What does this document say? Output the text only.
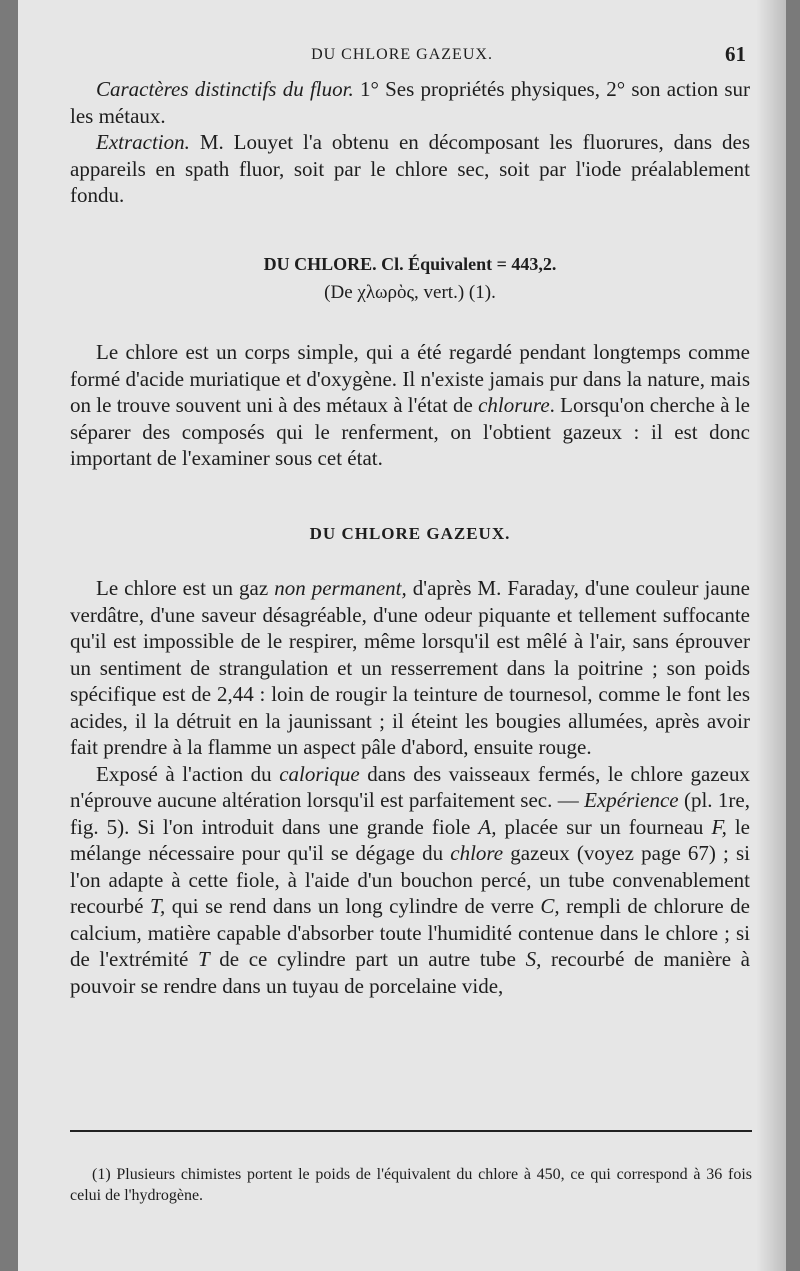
DU CHLORE GAZEUX.	61

Caractères distinctifs du fluor. 1° Ses propriétés physiques, 2° son action sur les métaux.

Extraction. M. Louyet l'a obtenu en décomposant les fluorures, dans des appareils en spath fluor, soit par le chlore sec, soit par l'iode préalablement fondu.

DU CHLORE. Cl. Équivalent = 443,2.
(De χλωρὸς, vert.) (1).

Le chlore est un corps simple, qui a été regardé pendant longtemps comme formé d'acide muriatique et d'oxygène. Il n'existe jamais pur dans la nature, mais on le trouve souvent uni à des métaux à l'état de chlorure. Lorsqu'on cherche à le séparer des composés qui le renferment, on l'obtient gazeux : il est donc important de l'examiner sous cet état.

DU CHLORE GAZEUX.

Le chlore est un gaz non permanent, d'après M. Faraday, d'une couleur jaune verdâtre, d'une saveur désagréable, d'une odeur piquante et tellement suffocante qu'il est impossible de le respirer, même lorsqu'il est mêlé à l'air, sans éprouver un sentiment de strangulation et un resserrement dans la poitrine ; son poids spécifique est de 2,44 : loin de rougir la teinture de tournesol, comme le font les acides, il la détruit en la jaunissant ; il éteint les bougies allumées, après avoir fait prendre à la flamme un aspect pâle d'abord, ensuite rouge.

Exposé à l'action du calorique dans des vaisseaux fermés, le chlore gazeux n'éprouve aucune altération lorsqu'il est parfaitement sec. — Expérience (pl. 1re, fig. 5). Si l'on introduit dans une grande fiole A, placée sur un fourneau F, le mélange nécessaire pour qu'il se dégage du chlore gazeux (voyez page 67) ; si l'on adapte à cette fiole, à l'aide d'un bouchon percé, un tube convenablement recourbé T, qui se rend dans un long cylindre de verre C, rempli de chlorure de calcium, matière capable d'absorber toute l'humidité contenue dans le chlore ; si de l'extrémité T de ce cylindre part un autre tube S, recourbé de manière à pouvoir se rendre dans un tuyau de porcelaine vide,

(1) Plusieurs chimistes portent le poids de l'équivalent du chlore à 450, ce qui correspond à 36 fois celui de l'hydrogène.
